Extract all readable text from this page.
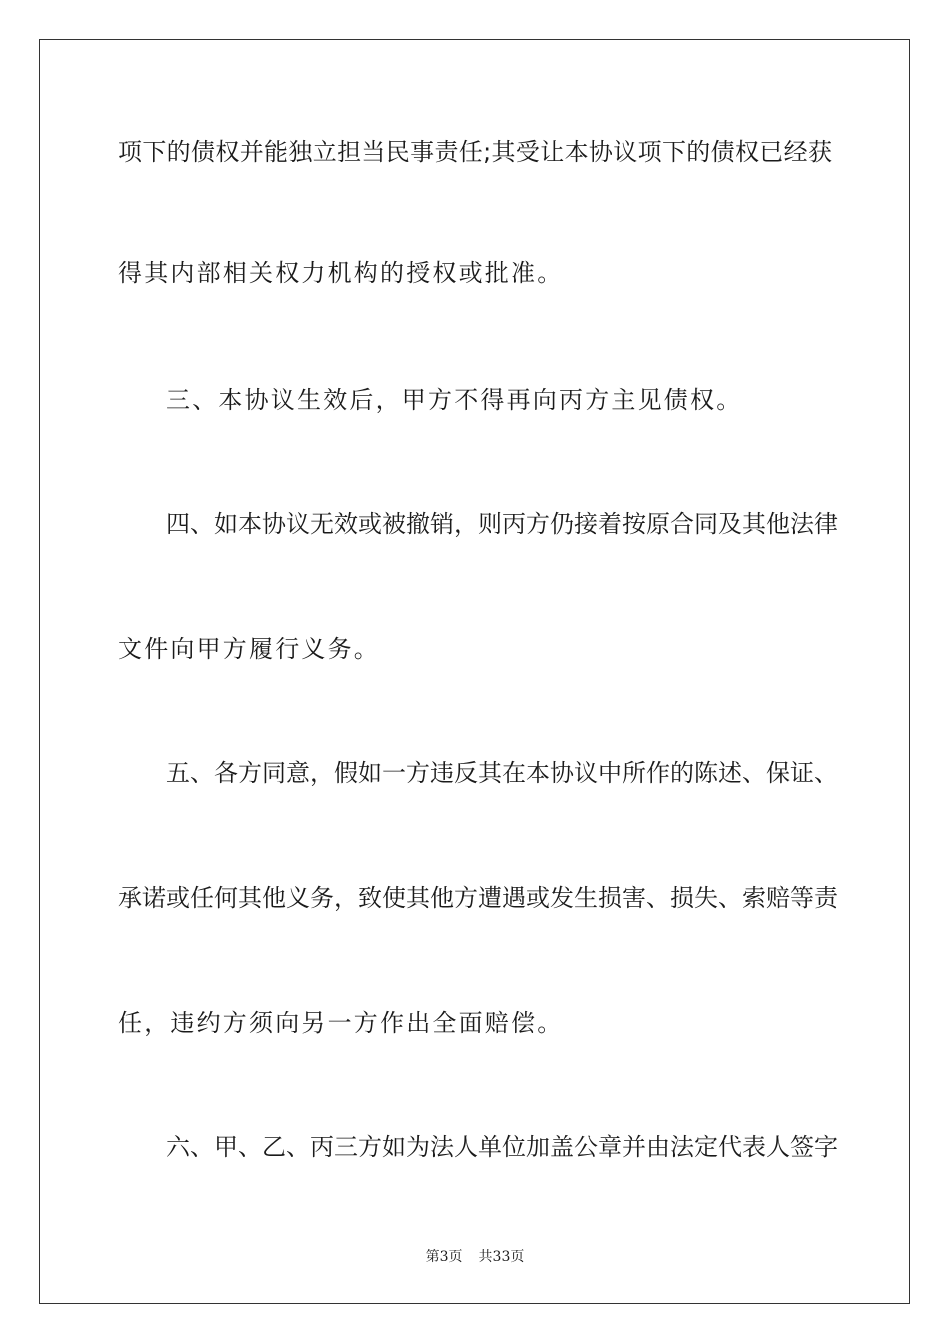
项下的债权并能独立担当民事责任;其受让本协议项下的债权已经获
得其内部相关权力机构的授权或批准。
三、本协议生效后，甲方不得再向丙方主见债权。
四、如本协议无效或被撤销，则丙方仍接着按原合同及其他法律
文件向甲方履行义务。
五、各方同意，假如一方违反其在本协议中所作的陈述、保证、
承诺或任何其他义务，致使其他方遭遇或发生损害、损失、索赔等责
任，违约方须向另一方作出全面赔偿。
六、甲、乙、丙三方如为法人单位加盖公章并由法定代表人签字
第3页 共33页
